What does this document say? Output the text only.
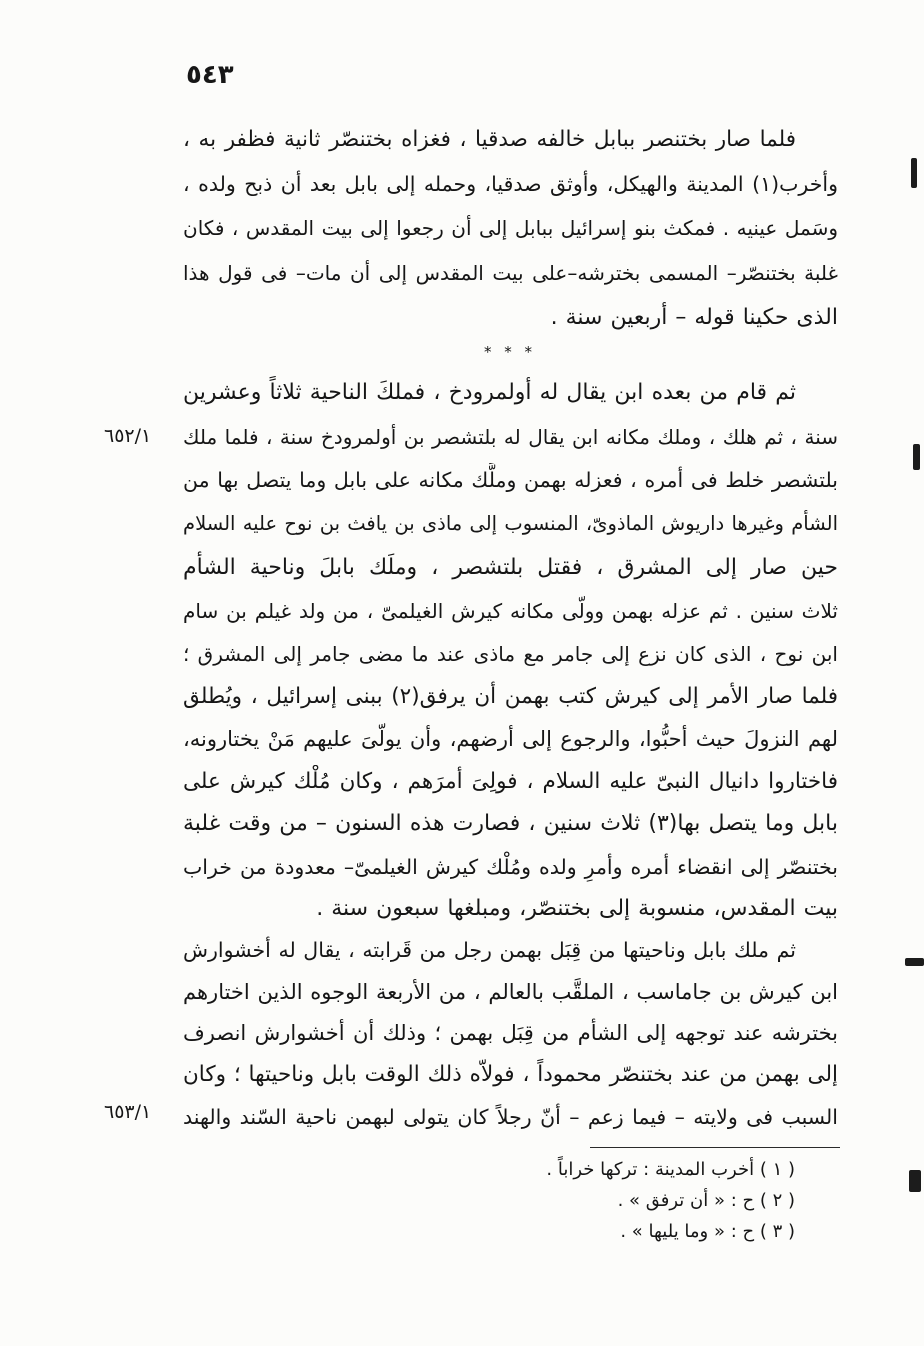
٥٤٣
فلما صار بختنصر ببابل خالفه صدقيا ، فغزاه بختنصّر ثانية فظفر به ،
وأخرب(١) المدينة والهيكل، وأوثق صدقيا، وحمله إلى بابل بعد أن ذبح ولده ،
وسَمل عينيه . فمكث بنو إسرائيل ببابل إلى أن رجعوا إلى بيت المقدس ، فكان
غلبة بختنصّر– المسمى بخترشه–على بيت المقدس إلى أن مات– فى قول هذا
الذى حكينا قوله – أربعين سنة .
* * *
ثم قام من بعده ابن يقال له أولمرودخ ، فملكَ الناحية ثلاثاً وعشرين
سنة ، ثم هلك ، وملك مكانه ابن يقال له بلتشصر بن أولمرودخ سنة ، فلما ملك
بلتشصر خلط فى أمره ، فعزله بهمن وملَّك مكانه على بابل وما يتصل بها من
الشأم وغيرها داريوش الماذوىّ، المنسوب إلى ماذى بن يافث بن نوح عليه السلام
حين صار إلى المشرق ، فقتل بلتشصر ، وملَك بابلَ وناحية الشأم
ثلاث سنين . ثم عزله بهمن وولّى مكانه كيرش الغيلمىّ ، من ولد غيلم بن سام
ابن نوح ، الذى كان نزع إلى جامر مع ماذى عند ما مضى جامر إلى المشرق ؛
فلما صار الأمر إلى كيرش كتب بهمن أن يرفق(٢) ببنى إسرائيل ، ويُطلق
لهم النزولَ حيث أحبُّوا، والرجوع إلى أرضهم، وأن يولّىَ عليهم مَنْ يختارونه،
فاختاروا دانيال النبىّ عليه السلام ، فولِىَ أمرَهم ، وكان مُلْك كيرش على
بابل وما يتصل بها(٣) ثلاث سنين ، فصارت هذه السنون – من وقت غلبة
بختنصّر إلى انقضاء أمره وأمرِ ولده ومُلْك كيرش الغيلمىّ– معدودة من خراب
بيت المقدس، منسوبة إلى بختنصّر، ومبلغها سبعون سنة .
ثم ملك بابل وناحيتها من قِبَل بهمن رجل من قَرابته ، يقال له أخشوارش
ابن كيرش بن جاماسب ، الملقَّب بالعالم ، من الأربعة الوجوه الذين اختارهم
بخترشه عند توجهه إلى الشأم من قِبَل بهمن ؛ وذلك أن أخشوارش انصرف
إلى بهمن من عند بختنصّر محموداً ، فولاّه ذلك الوقت بابل وناحيتها ؛ وكان
السبب فى ولايته – فيما زعم – أنّ رجلاً كان يتولى لبهمن ناحية السّند والهند
٦٥٢/١
٦٥٣/١
( ١ ) أخرب المدينة : تركها خراباً .
( ٢ ) ح : « أن ترفق » .
( ٣ ) ح : « وما يليها » .
